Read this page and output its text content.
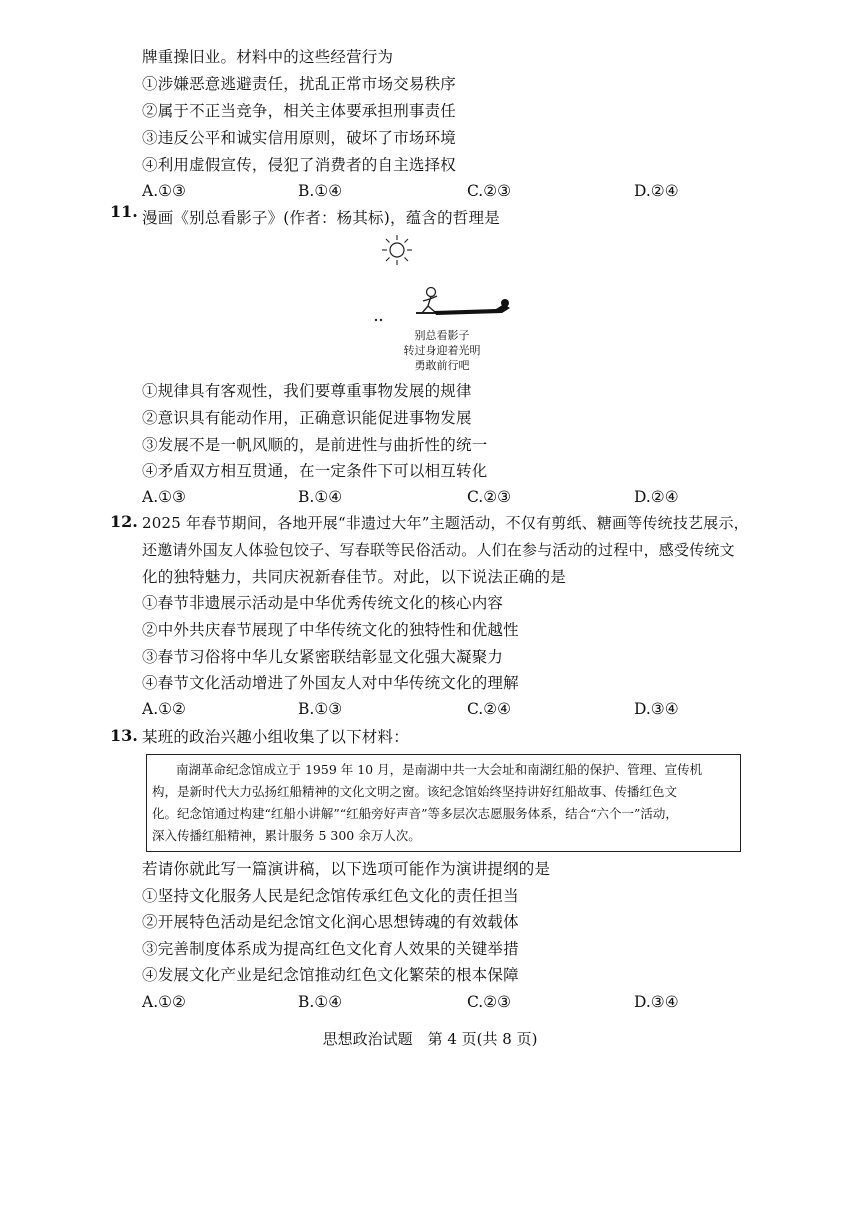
牌重操旧业。材料中的这些经营行为
①涉嫌恶意逃避责任，扰乱正常市场交易秩序
②属于不正当竞争，相关主体要承担刑事责任
③违反公平和诚实信用原则，破坏了市场环境
④利用虚假宣传，侵犯了消费者的自主选择权
A.①③	B.①④	C.②③	D.②④
11. 漫画《别总看影子》(作者：杨其标)，蕴含的哲理是
别总看影子
转过身迎着光明
勇敢前行吧
①规律具有客观性，我们要尊重事物发展的规律
②意识具有能动作用，正确意识能促进事物发展
③发展不是一帆风顺的，是前进性与曲折性的统一
④矛盾双方相互贯通，在一定条件下可以相互转化
A.①③	B.①④	C.②③	D.②④
12. 2025 年春节期间，各地开展“非遗过大年”主题活动，不仅有剪纸、糖画等传统技艺展示，
还邀请外国友人体验包饺子、写春联等民俗活动。人们在参与活动的过程中，感受传统文
化的独特魅力，共同庆祝新春佳节。对此，以下说法正确的是
①春节非遗展示活动是中华优秀传统文化的核心内容
②中外共庆春节展现了中华传统文化的独特性和优越性
③春节习俗将中华儿女紧密联结彰显文化强大凝聚力
④春节文化活动增进了外国友人对中华传统文化的理解
A.①②	B.①③	C.②④	D.③④
13. 某班的政治兴趣小组收集了以下材料：
南湖革命纪念馆成立于 1959 年 10 月，是南湖中共一大会址和南湖红船的保护、管理、宣传机
构，是新时代大力弘扬红船精神的文化文明之窗。该纪念馆始终坚持讲好红船故事、传播红色文
化。纪念馆通过构建“红船小讲解”“红船旁好声音”等多层次志愿服务体系，结合“六个一”活动，
深入传播红船精神，累计服务 5 300 余万人次。
若请你就此写一篇演讲稿，以下选项可能作为演讲提纲的是
①坚持文化服务人民是纪念馆传承红色文化的责任担当
②开展特色活动是纪念馆文化润心思想铸魂的有效载体
③完善制度体系成为提高红色文化育人效果的关键举措
④发展文化产业是纪念馆推动红色文化繁荣的根本保障
A.①②	B.①④	C.②③	D.③④
思想政治试题　第 4 页(共 8 页)
